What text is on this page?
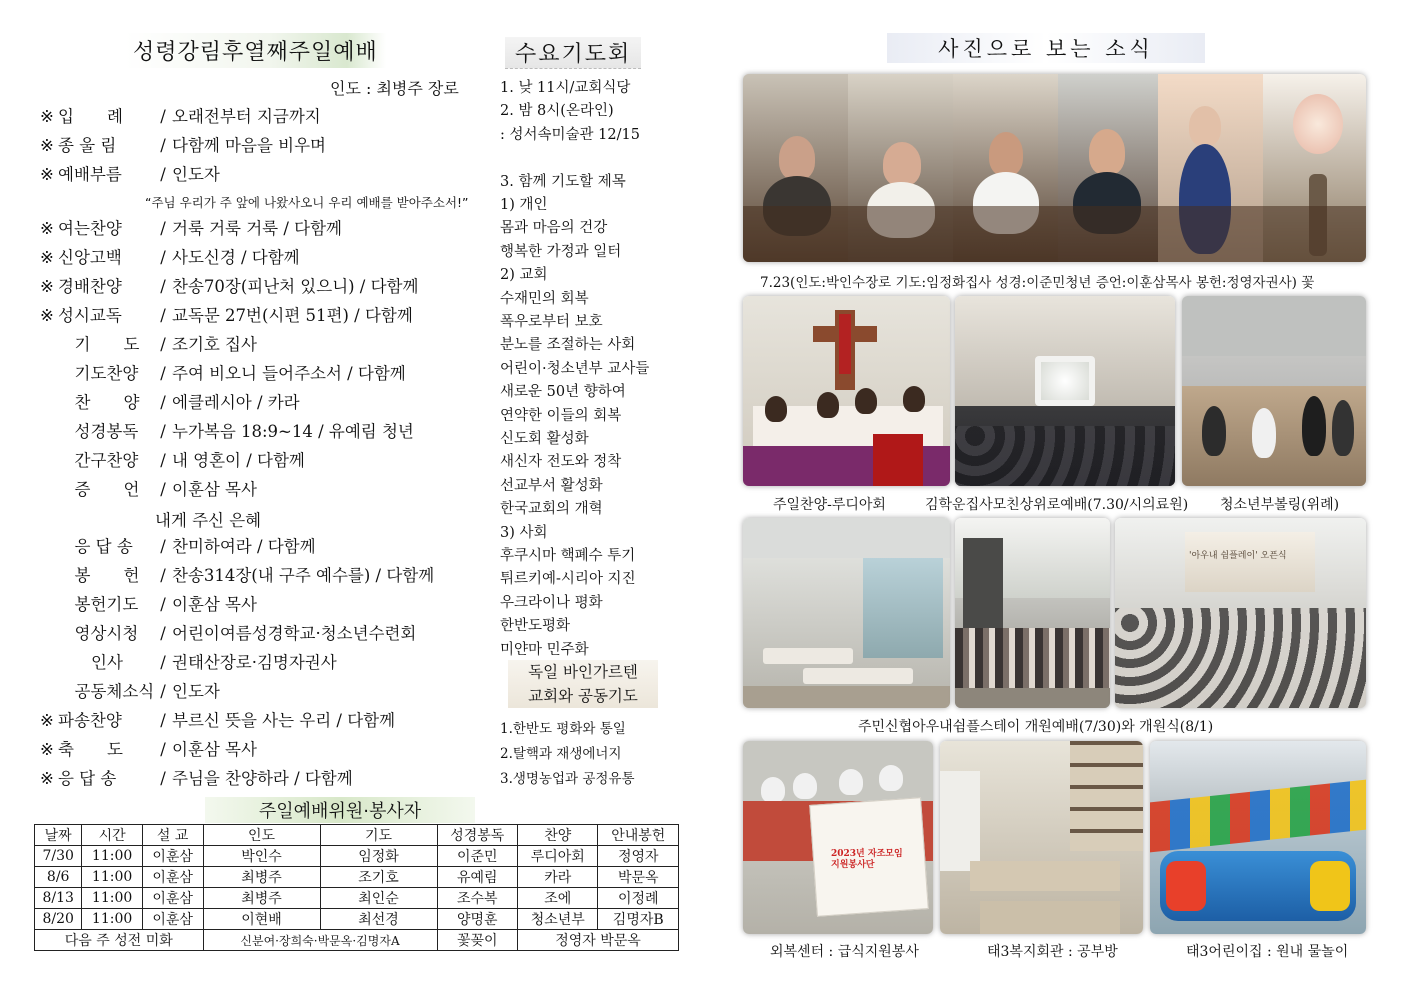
성령강림후열째주일예배
인도 : 최병주 장로
※ 입　　례 / 오래전부터 지금까지
※ 종 울 림	/ 다함께 마음을 비우며
※ 예배부름 / 인도자
※ 여는찬양 / 거룩 거룩 거룩 / 다함께
※ 신앙고백 / 사도신경 / 다함께
※ 경배찬양 / 찬송70장(피난처 있으니) / 다함께
※ 성시교독 / 교독문 27번(시편 51편) / 다함께
　기　　도 / 조기호 집사
　기도찬양 / 주여 비오니 들어주소서 / 다함께
　찬　　양 / 에클레시아 / 카라
　성경봉독 / 누가복음 18:9~14 / 유예림 청년
　간구찬양 / 내 영혼이 / 다함께
　증　　언 / 이훈삼 목사
　응 답 송 / 찬미하여라 / 다함께
　봉　　헌 / 찬송314장(내 구주 예수를) / 다함께
　봉헌기도 / 이훈삼 목사
　영상시청 / 어린이여름성경학교·청소년수련회
　　인사 / 권태산장로·김명자권사
　공동체소식 / 인도자
※ 파송찬양 / 부르신 뜻을 사는 우리 / 다함께
※ 축　　도 / 이훈삼 목사
※ 응 답 송	/ 주님을 찬양하라 / 다함께
“주님 우리가 주 앞에 나왔사오니 우리 예배를 받아주소서!”
내게 주신 은혜
주일예배위원·봉사자
날짜	시간	설 교	인도	기도	성경봉독	찬양	안내봉헌
7/30	11:00	이훈삼	박인수	임정화	이준민	루디아회	정영자
8/6	11:00	이훈삼	최병주	조기호	유예림	카라	박문옥
8/13	11:00	이훈삼	최병주	최인순	조수복	조에	이정례
8/20	11:00	이훈삼	이현배	최선경	양명훈	청소년부	김명자B
다음 주 성전 미화			신분여·장희숙·박문옥·김명자A		꽃꽂이	정영자 박문옥	
수요기도회
1. 낮 11시/교회식당
2. 밤 8시(온라인)
: 성서속미술관 12/15
3. 함께 기도할 제목
1) 개인
몸과 마음의 건강
행복한 가정과 일터
2) 교회
수재민의 회복
폭우로부터 보호
분노를 조절하는 사회
어린이·청소년부 교사들
새로운 50년 향하여
연약한 이들의 회복
신도회 활성화
새신자 전도와 정착
선교부서 활성화
한국교회의 개혁
3) 사회
후쿠시마 핵폐수 투기
튀르키예-시리아 지진
우크라이나 평화
한반도평화
미얀마 민주화
독일 바인가르텐
교회와 공동기도
1.한반도 평화와 통일
2.탈핵과 재생에너지
3.생명농업과 공정유통
사진으로 보는 소식
7.23(인도:박인수장로 기도:임정화집사 성경:이준민청년 증언:이훈삼목사 봉헌:정영자권사) 꽃
주일찬양-루디아회	김학운집사모친상위로예배(7.30/시의료원) 청소년부볼링(위례)
'아우내 쉼플레이' 오픈식
주민신협아우내쉼플스테이 개원예배(7/30)와 개원식(8/1)
2023년 자조모임 지원봉사단
외복센터 : 급식지원봉사	태3복지회관 : 공부방	태3어린이집 : 원내 물놀이
